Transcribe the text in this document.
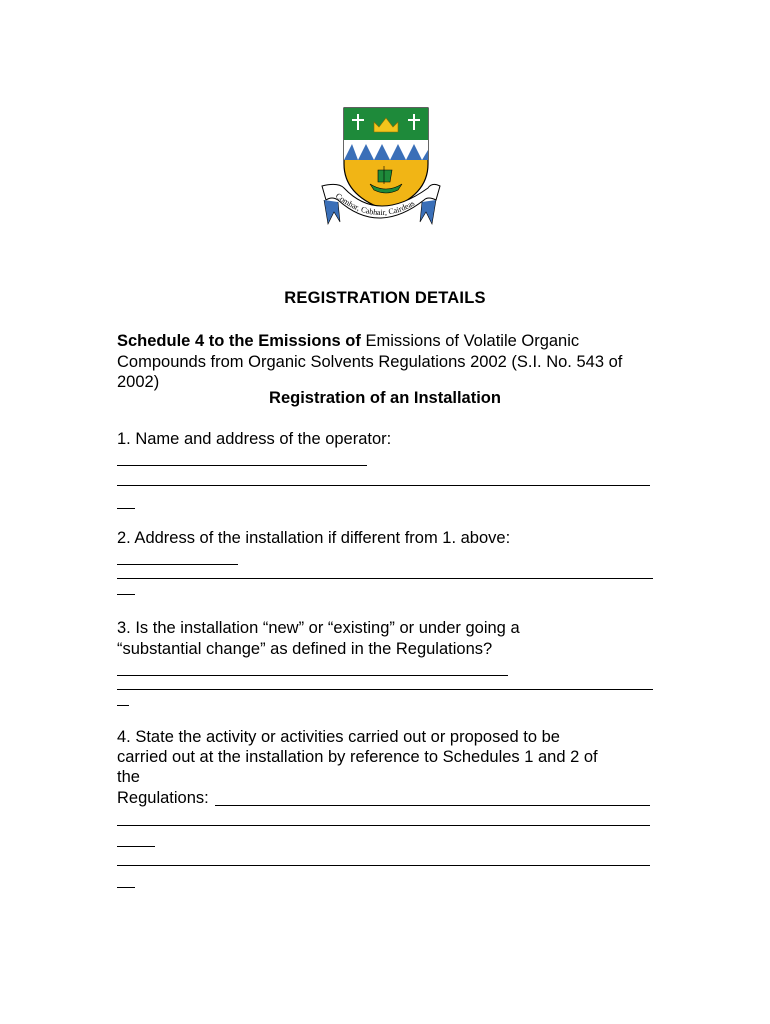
Comhar, Cabhair, Cairdeas
REGISTRATION DETAILS
Schedule 4 to the Emissions of Emissions of Volatile Organic Compounds from Organic Solvents Regulations 2002 (S.I. No. 543 of 2002)
Registration of an Installation
1. Name and address of the operator:
2. Address of the installation if different from 1. above:
3. Is the installation “new” or “existing” or under going a
“substantial change” as defined in the Regulations?
4. State the activity or activities carried out or proposed to be
carried out at the installation by reference to Schedules 1 and 2 of
the
Regulations:
